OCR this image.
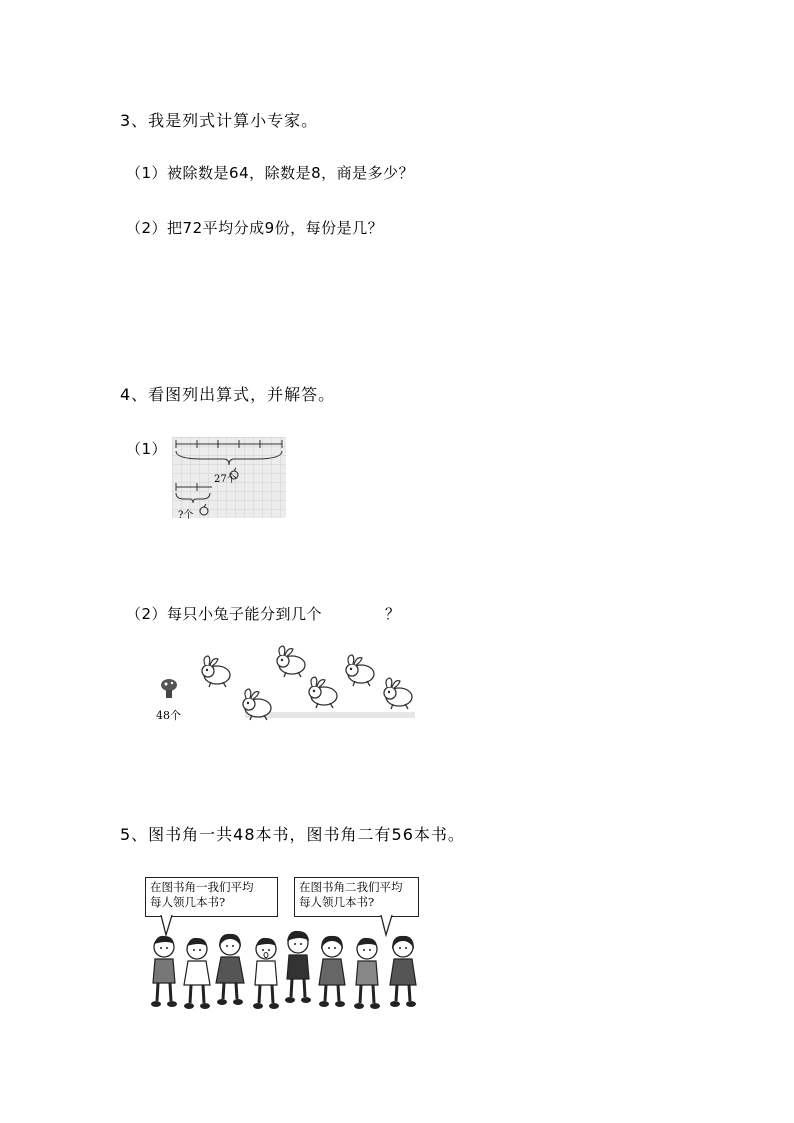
3、我是列式计算小专家。
（1）被除数是64，除数是8，商是多少？
（2）把72平均分成9份，每份是几？
4、看图列出算式，并解答。
（1）
27个
?个
（2）每只小兔子能分到几个	？
48个
5、图书角一共48本书，图书角二有56本书。
在图书角一我们平均
每人领几本书?
在图书角二我们平均
每人领几本书?
